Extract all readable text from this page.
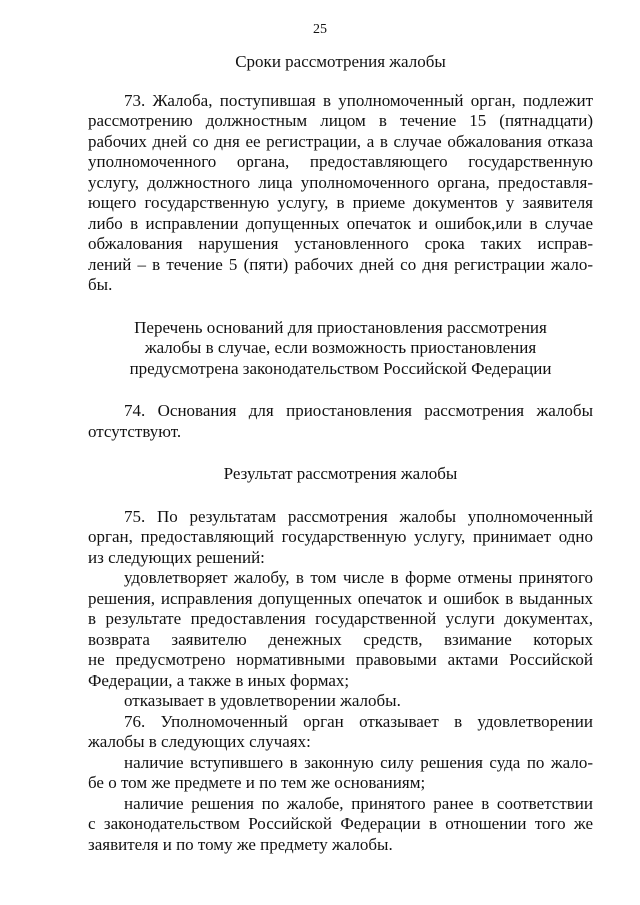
25
Сроки рассмотрения жалобы
73. Жалоба, поступившая в уполномоченный орган, подлежит
рассмотрению должностным лицом в течение 15 (пятнадцати)
рабочих дней со дня ее регистрации, а в случае обжалования отказа
уполномоченного органа, предоставляющего государственную
услугу, должностного лица уполномоченного органа, предоставля-
ющего государственную услугу, в приеме документов у заявителя
либо в исправлении допущенных опечаток и ошибок,или в случае
обжалования нарушения установленного срока таких исправ-
лений – в течение 5 (пяти) рабочих дней со дня регистрации жало-
бы.
Перечень оснований для приостановления рассмотрения
жалобы в случае, если возможность приостановления
предусмотрена законодательством Российской Федерации
74. Основания для приостановления рассмотрения жалобы
отсутствуют.
Результат рассмотрения жалобы
75. По результатам рассмотрения жалобы уполномоченный
орган, предоставляющий государственную услугу, принимает одно
из следующих решений:
удовлетворяет жалобу, в том числе в форме отмены принятого
решения, исправления допущенных опечаток и ошибок в выданных
в результате предоставления государственной услуги документах,
возврата заявителю денежных средств, взимание которых
не предусмотрено нормативными правовыми актами Российской
Федерации, а также в иных формах;
отказывает в удовлетворении жалобы.
76. Уполномоченный орган отказывает в удовлетворении
жалобы в следующих случаях:
наличие вступившего в законную силу решения суда по жало-
бе о том же предмете и по тем же основаниям;
наличие решения по жалобе, принятого ранее в соответствии
с законодательством Российской Федерации в отношении того же
заявителя и по тому же предмету жалобы.
